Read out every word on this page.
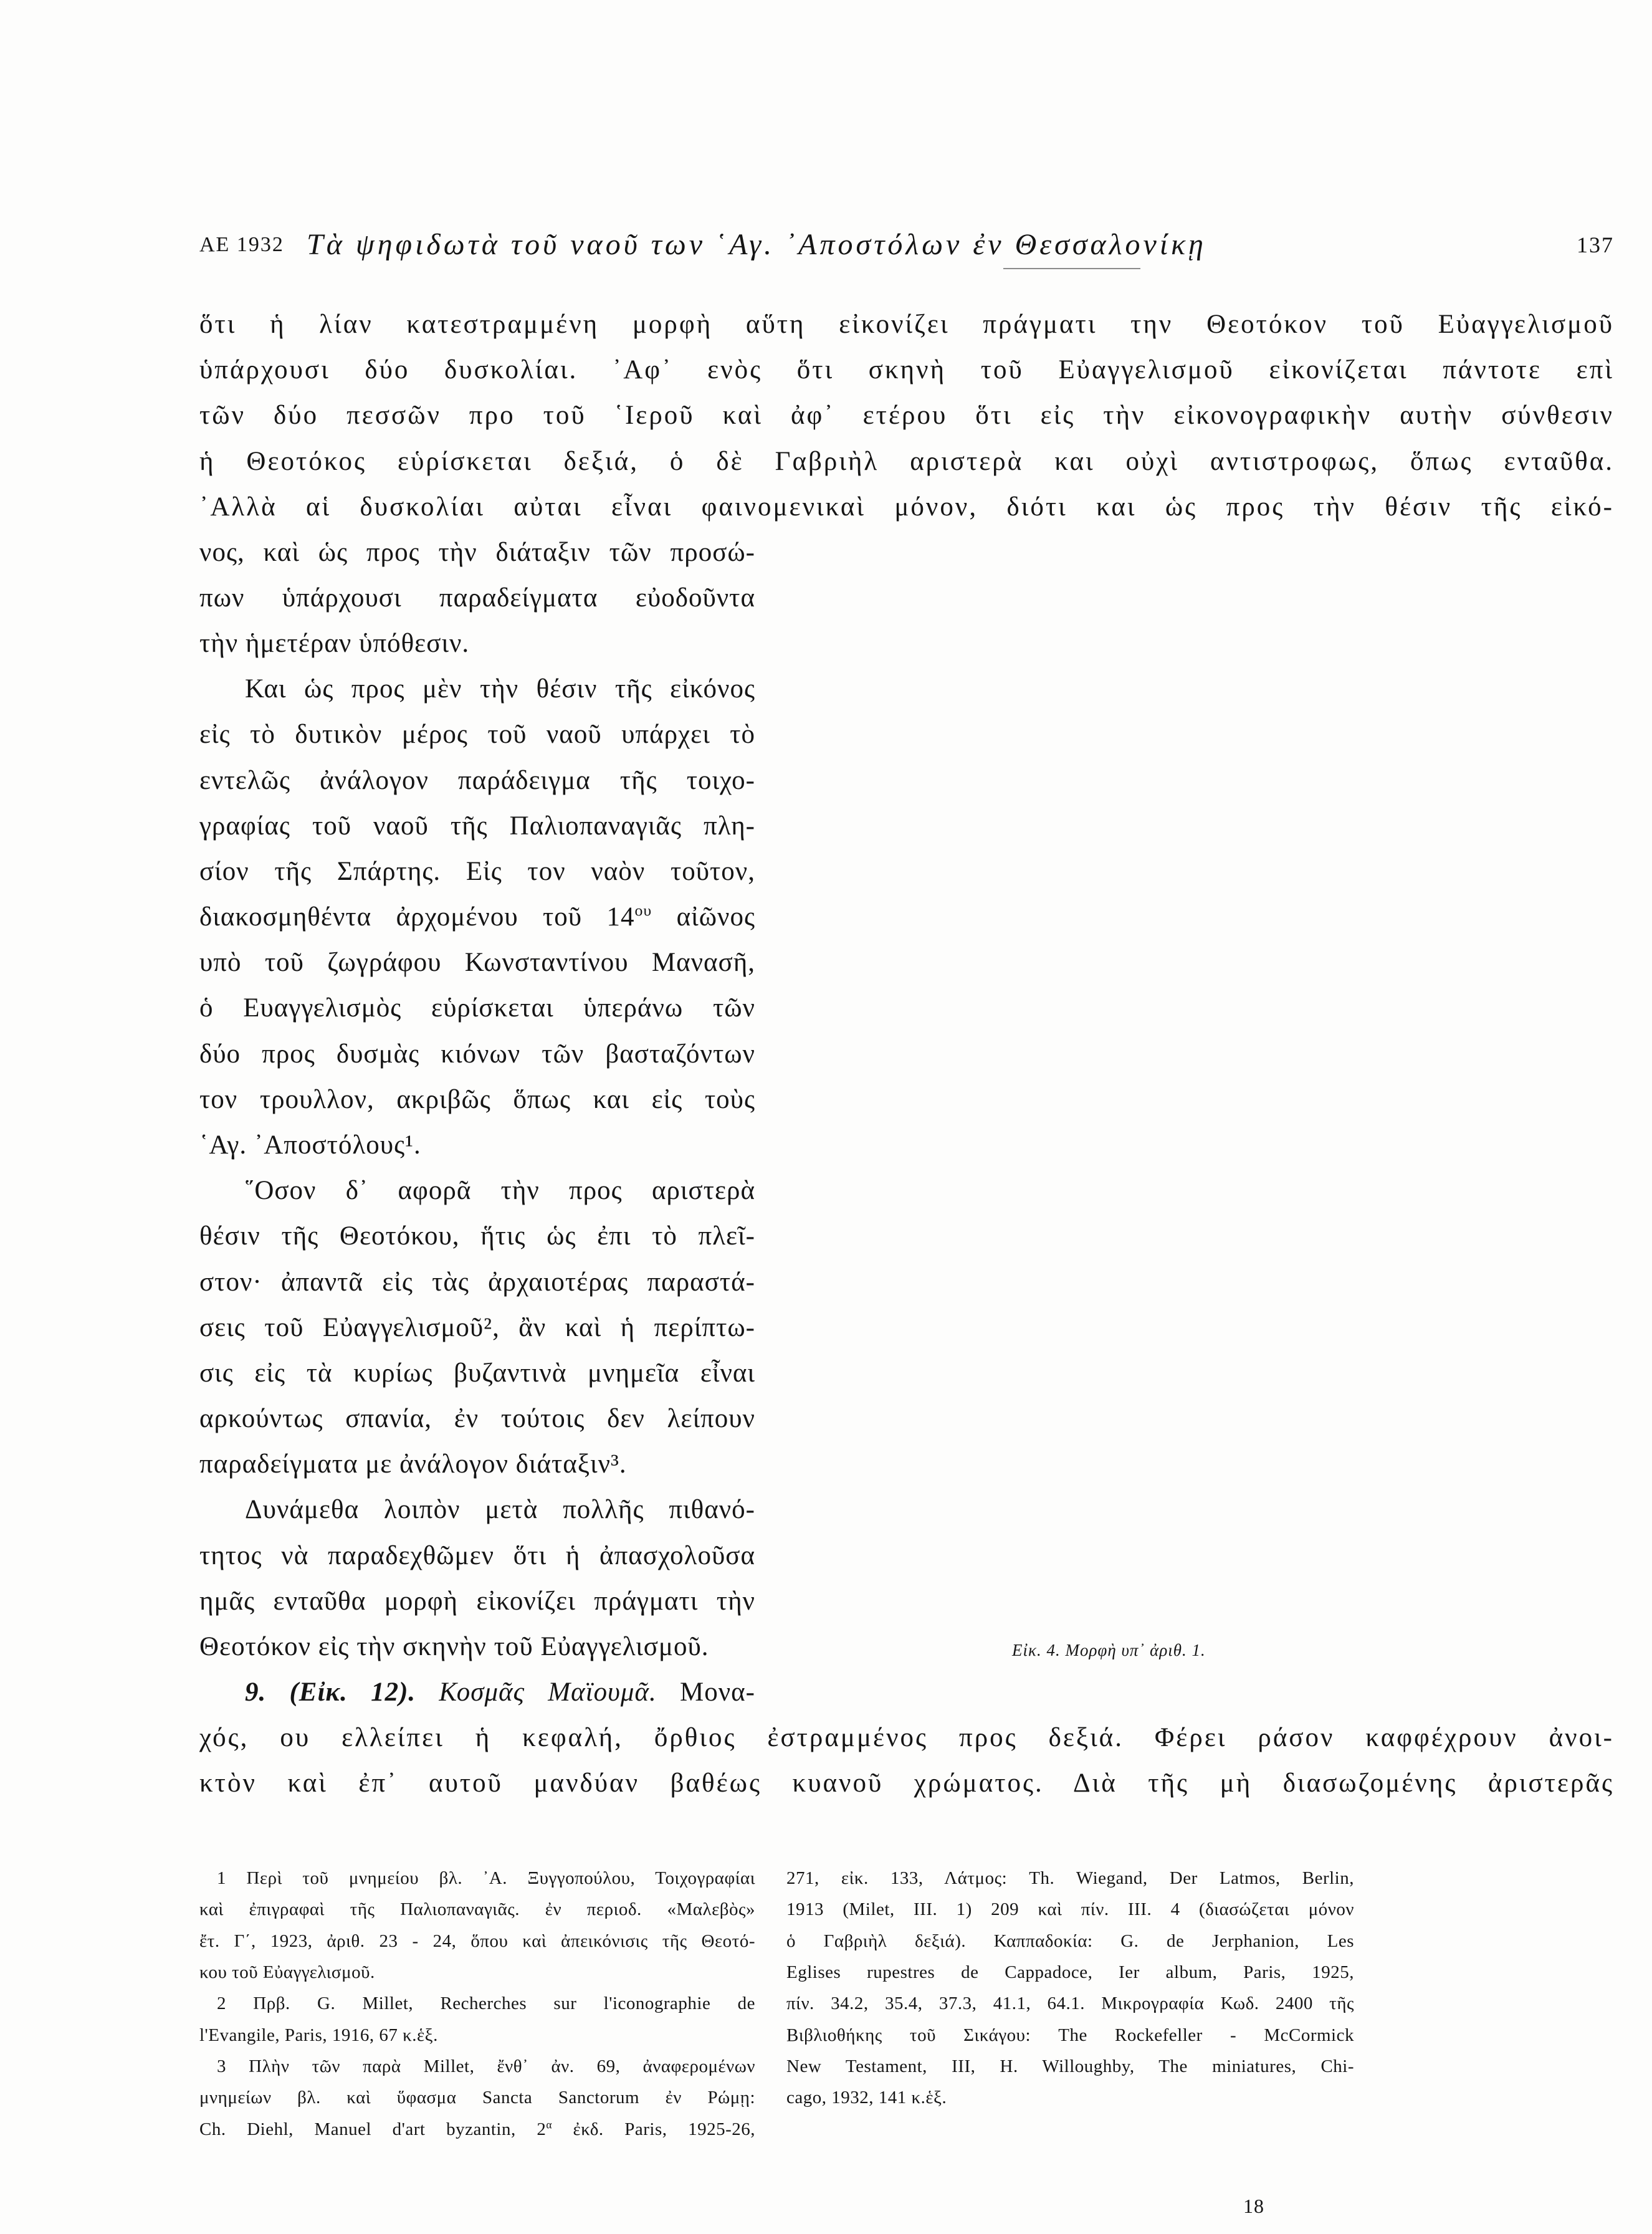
ΑΕ 1932 Τὰ ψηφιδωτὰ τοῦ ναοῦ των ῾Αγ. ᾿Αποστόλων ἐν Θεσσαλονίκῃ	137
ὅτι ἡ λίαν κατεστραμμένη μορφὴ αὕτη εἰκονίζει πράγματι την Θεοτόκον τοῦ Εὐαγγελισμοῦ
ὑπάρχουσι δύο δυσκολίαι. ᾿Αφ᾿ ενὸς ὅτι σκηνὴ τοῦ Εὐαγγελισμοῦ εἰκονίζεται πάντοτε επὶ
τῶν δύο πεσσῶν προ τοῦ ῾Ιεροῦ καὶ ἀφ᾿ ετέρου ὅτι εἰς τὴν εἰκονογραφικὴν αυτὴν σύνθεσιν
ἡ Θεοτόκος εὑρίσκεται δεξιά, ὁ δὲ Γαβριὴλ αριστερὰ και οὐχὶ αντιστροφως, ὅπως ενταῦθα.
᾿Αλλὰ αἱ δυσκολίαι αὐται εἶναι φαινομενικαὶ μόνον, διότι και ὡς προς τὴν θέσιν τῆς εἰκό-
νος, καὶ ὡς προς τὴν διάταξιν τῶν προσώ-
πων ὑπάρχουσι παραδείγματα εὐοδοῦντα
τὴν ἡμετέραν ὑπόθεσιν.
Και ὡς προς μὲν τὴν θέσιν τῆς εἰκόνος
εἰς τὸ δυτικὸν μέρος τοῦ ναοῦ υπάρχει τὸ
εντελῶς ἀνάλογον παράδειγμα τῆς τοιχο-
γραφίας τοῦ ναοῦ τῆς Παλιοπαναγιᾶς πλη-
σίον τῆς Σπάρτης. Εἰς τον ναὸν τοῦτον,
διακοσμηθέντα ἀρχομένου τοῦ $14^{o\upsilon}$ αἰῶνος
υπὸ τοῦ ζωγράφου Κωνσταντίνου Μανασῆ,
ὁ Ευαγγελισμὸς εὑρίσκεται ὑπεράνω τῶν
δύο προς δυσμὰς κιόνων τῶν βασταζόντων
τον τρουλλον, ακριβῶς ὅπως και εἰς τοὺς
῾Αγ. ᾿Αποστόλους¹.
῞Οσον δ᾿ αφορᾶ τὴν προς αριστερὰ
θέσιν τῆς Θεοτόκου, ἥτις ὡς ἐπι τὸ πλεῖ-
στον· ἀπαντᾶ εἰς τὰς ἀρχαιοτέρας παραστά-
σεις τοῦ Εὐαγγελισμοῦ², ἂν καὶ ἡ περίπτω-
σις εἰς τὰ κυρίως βυζαντινὰ μνημεῖα εἶναι
αρκούντως σπανία, ἐν τούτοις δεν λείπουν
παραδείγματα με ἀνάλογον διάταξιν³.
Δυνάμεθα λοιπὸν μετὰ πολλῆς πιθανό-
τητος νὰ παραδεχθῶμεν ὅτι ἡ ἀπασχολοῦσα
ημᾶς ενταῦθα μορφὴ εἰκονίζει πράγματι τὴν
Θεοτόκον εἰς τὴν σκηνὴν τοῦ Εὐαγγελισμοῦ.
9. (Εἰκ. 12). Κοσμᾶς Μαϊουμᾶ. Μονα-
χός, ου ελλείπει ἡ κεφαλή, ὄρθιος ἐστραμμένος προς δεξιά. Φέρει ράσον καφφέχρουν ἀνοι-
κτὸν καὶ ἐπ᾿ αυτοῦ μανδύαν βαθέως κυανοῦ χρώματος. Διὰ τῆς μὴ διασωζομένης ἀριστερᾶς
Εἰκ. 4. Μορφὴ υπ᾿ ἀριθ. 1.
1 Περὶ τοῦ μνημείου βλ. ᾿Α. Ξυγγοπούλου, Τοιχογραφίαι
καὶ ἐπιγραφαὶ τῆς Παλιοπαναγιᾶς. ἐν περιοδ. «Μαλεβὸς»
ἔτ. Γ΄, 1923, ἀριθ. 23 - 24, ὅπου καὶ ἀπεικόνισις τῆς Θεοτό-
κου τοῦ Εὐαγγελισμοῦ.
2 Πρβ. G. Millet, Recherches sur l'iconographie de
l'Evangile, Paris, 1916, 67 κ.ἑξ.
3 Πλὴν τῶν παρὰ Millet, ἔνθ᾿ ἀν. 69, ἀναφερομένων
μνημείων βλ. καὶ ὕφασμα Sancta Sanctorum ἐν Ρώμῃ:
Ch. Diehl, Manuel d'art byzantin, $2^\alpha$ ἐκδ. Paris, 1925-26,
271, εἰκ. 133, Λάτμος: Th. Wiegand, Der Latmos, Berlin,
1913 (Milet, III. 1) 209 καὶ πίν. III. 4 (διασώζεται μόνον
ὁ Γαβριὴλ δεξιά). Καππαδοκία: G. de Jerphanion, Les
Eglises rupestres de Cappadoce, Ier album, Paris, 1925,
πίν. 34.2, 35.4, 37.3, 41.1, 64.1. Μικρογραφία Κωδ. 2400 τῆς
Βιβλιοθήκης τοῦ Σικάγου: The Rockefeller - McCormick
New Testament, III, H. Willoughby, The miniatures, Chi-
cago, 1932, 141 κ.ἑξ.
18
